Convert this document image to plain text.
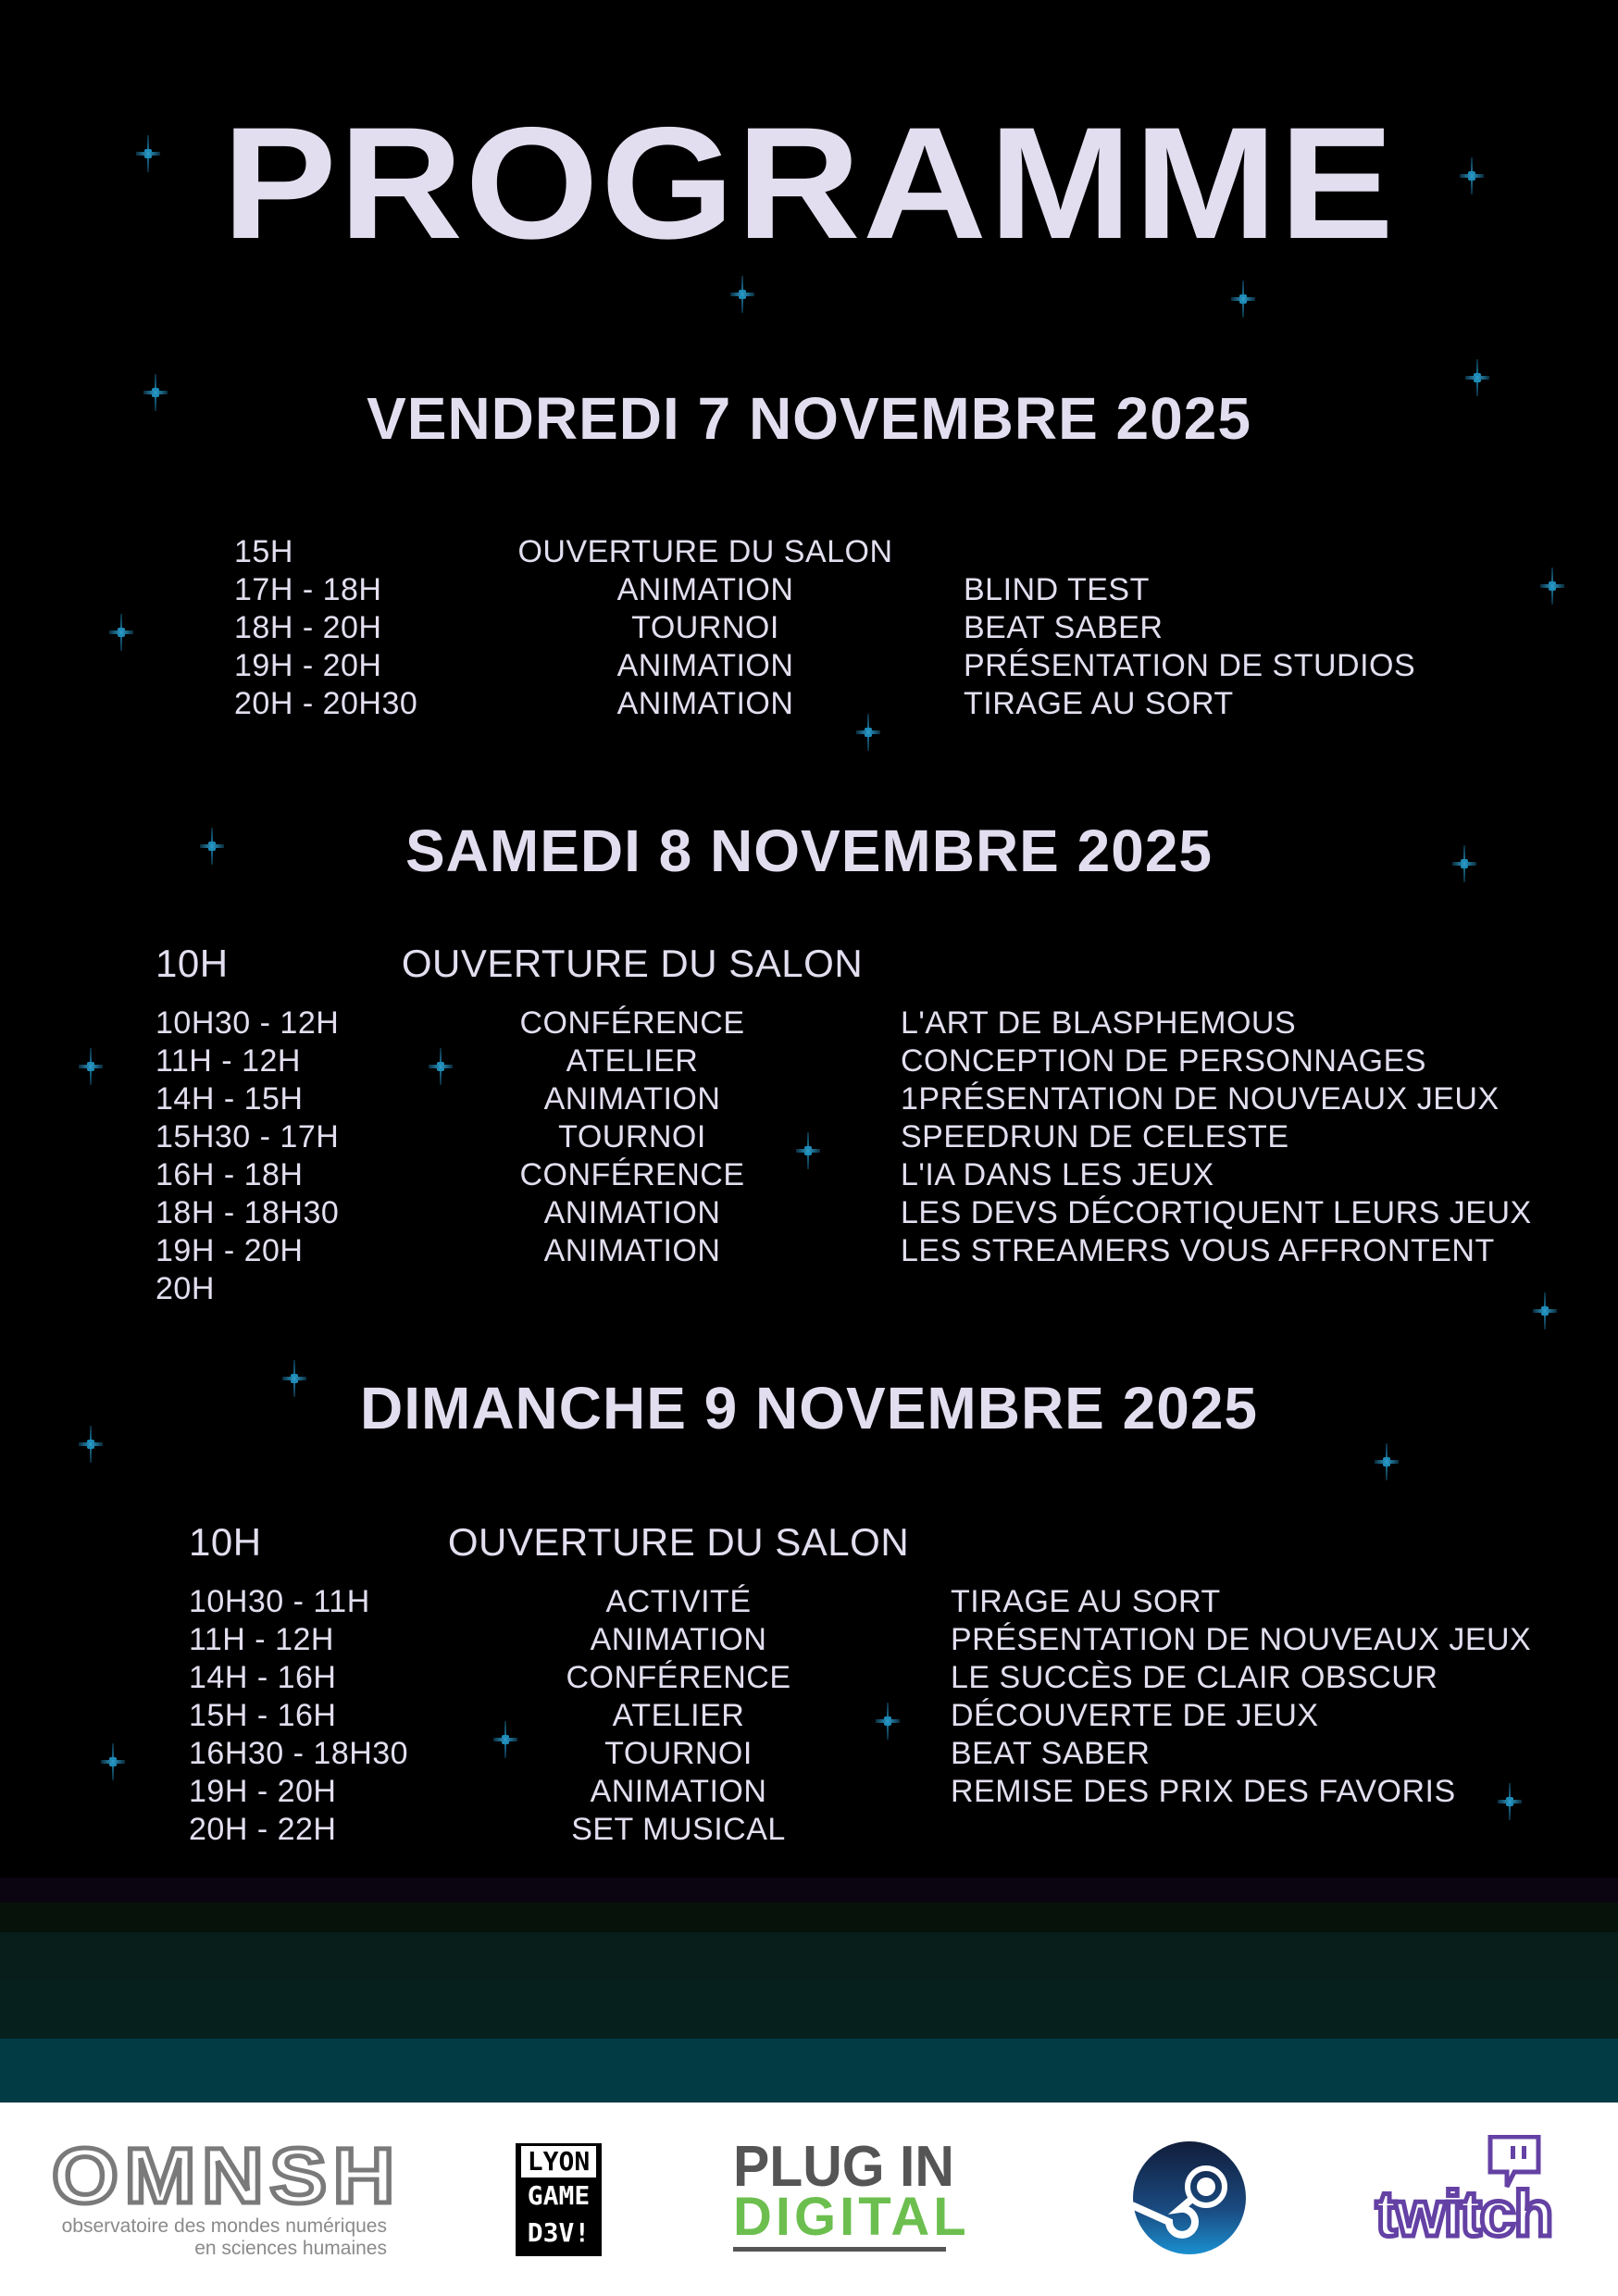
PROGRAMME
VENDREDI 7 NOVEMBRE 2025
15H	OUVERTURE DU SALON
17H - 18H	ANIMATION	BLIND TEST
18H - 20H	TOURNOI	BEAT SABER
19H - 20H	ANIMATION	PRÉSENTATION DE STUDIOS
20H - 20H30	ANIMATION	TIRAGE AU SORT
SAMEDI 8 NOVEMBRE 2025
10H	OUVERTURE DU SALON
10H30 - 12H	CONFÉRENCE	L'ART DE BLASPHEMOUS
11H - 12H	ATELIER	CONCEPTION DE PERSONNAGES
14H - 15H	ANIMATION	1PRÉSENTATION DE NOUVEAUX JEUX
15H30 - 17H	TOURNOI	SPEEDRUN DE CELESTE
16H - 18H	CONFÉRENCE	L'IA DANS LES JEUX
18H - 18H30	ANIMATION	LES DEVS DÉCORTIQUENT LEURS JEUX
19H - 20H	ANIMATION	LES STREAMERS VOUS AFFRONTENT
20H
DIMANCHE 9 NOVEMBRE 2025
10H	OUVERTURE DU SALON
10H30 - 11H	ACTIVITÉ	TIRAGE AU SORT
11H - 12H	ANIMATION	PRÉSENTATION DE NOUVEAUX JEUX
14H - 16H	CONFÉRENCE	LE SUCCÈS DE CLAIR OBSCUR
15H - 16H	ATELIER	DÉCOUVERTE DE JEUX
16H30 - 18H30	TOURNOI	BEAT SABER
19H - 20H	ANIMATION	REMISE DES PRIX DES FAVORIS
20H - 22H	SET MUSICAL
OMNSH
observatoire des mondes numériques
en sciences humaines
LYON
GAME
D3V!
PLUG IN
DIGITAL	twitch
